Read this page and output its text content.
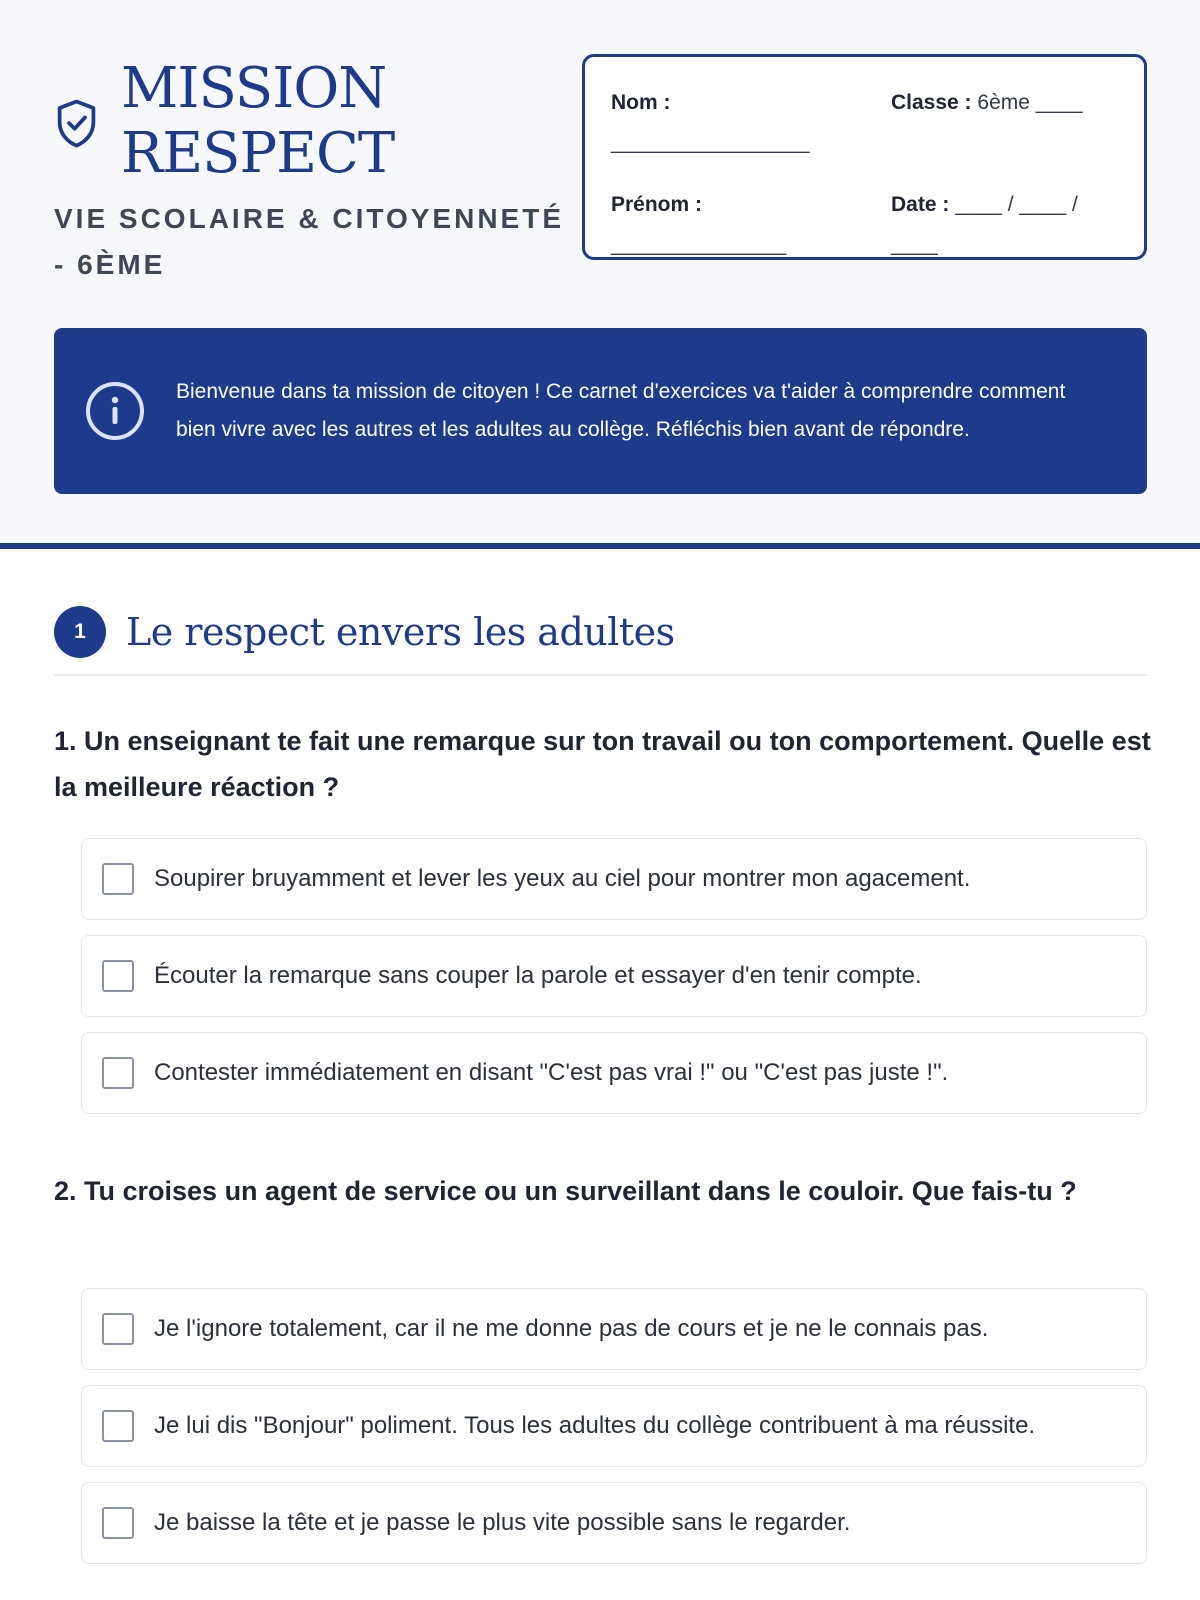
MISSION RESPECT
VIE SCOLAIRE & CITOYENNETÉ - 6ÈME
Nom :
_________________
Classe : 6ème ____
Prénom :
_______________
Date : ____ / ____ / ____
Bienvenue dans ta mission de citoyen ! Ce carnet d'exercices va t'aider à comprendre comment bien vivre avec les autres et les adultes au collège. Réfléchis bien avant de répondre.
1	Le respect envers les adultes
1. Un enseignant te fait une remarque sur ton travail ou ton comportement. Quelle est la meilleure réaction ?
Soupirer bruyamment et lever les yeux au ciel pour montrer mon agacement.
Écouter la remarque sans couper la parole et essayer d'en tenir compte.
Contester immédiatement en disant "C'est pas vrai !" ou "C'est pas juste !".
2. Tu croises un agent de service ou un surveillant dans le couloir. Que fais-tu ?
Je l'ignore totalement, car il ne me donne pas de cours et je ne le connais pas.
Je lui dis "Bonjour" poliment. Tous les adultes du collège contribuent à ma réussite.
Je baisse la tête et je passe le plus vite possible sans le regarder.
